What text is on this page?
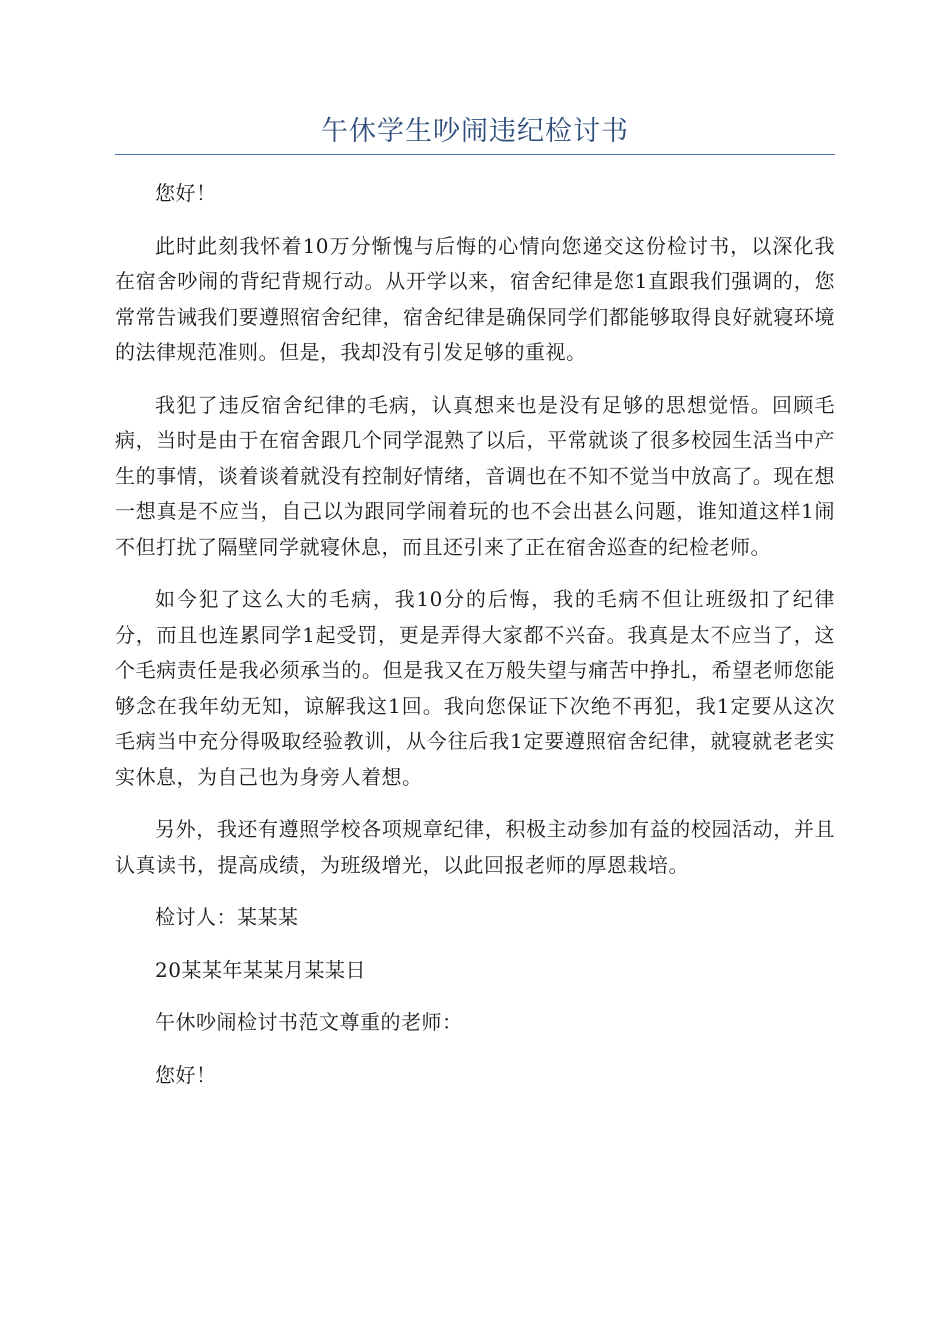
午休学生吵闹违纪检讨书

您好！

此时此刻我怀着10万分惭愧与后悔的心情向您递交这份检讨书，以深化我在宿舍吵闹的背纪背规行动。从开学以来，宿舍纪律是您1直跟我们强调的，您常常告诫我们要遵照宿舍纪律，宿舍纪律是确保同学们都能够取得良好就寝环境的法律规范准则。但是，我却没有引发足够的重视。

我犯了违反宿舍纪律的毛病，认真想来也是没有足够的思想觉悟。回顾毛病，当时是由于在宿舍跟几个同学混熟了以后，平常就谈了很多校园生活当中产生的事情，谈着谈着就没有控制好情绪，音调也在不知不觉当中放高了。现在想一想真是不应当，自己以为跟同学闹着玩的也不会出甚么问题，谁知道这样1闹不但打扰了隔壁同学就寝休息，而且还引来了正在宿舍巡查的纪检老师。

如今犯了这么大的毛病，我10分的后悔，我的毛病不但让班级扣了纪律分，而且也连累同学1起受罚，更是弄得大家都不兴奋。我真是太不应当了，这个毛病责任是我必须承当的。但是我又在万般失望与痛苦中挣扎，希望老师您能够念在我年幼无知，谅解我这1回。我向您保证下次绝不再犯，我1定要从这次毛病当中充分得吸取经验教训，从今往后我1定要遵照宿舍纪律，就寝就老老实实休息，为自己也为身旁人着想。

另外，我还有遵照学校各项规章纪律，积极主动参加有益的校园活动，并且认真读书，提高成绩，为班级增光，以此回报老师的厚恩栽培。

检讨人：某某某

20某某年某某月某某日

午休吵闹检讨书范文尊重的老师：

您好！
